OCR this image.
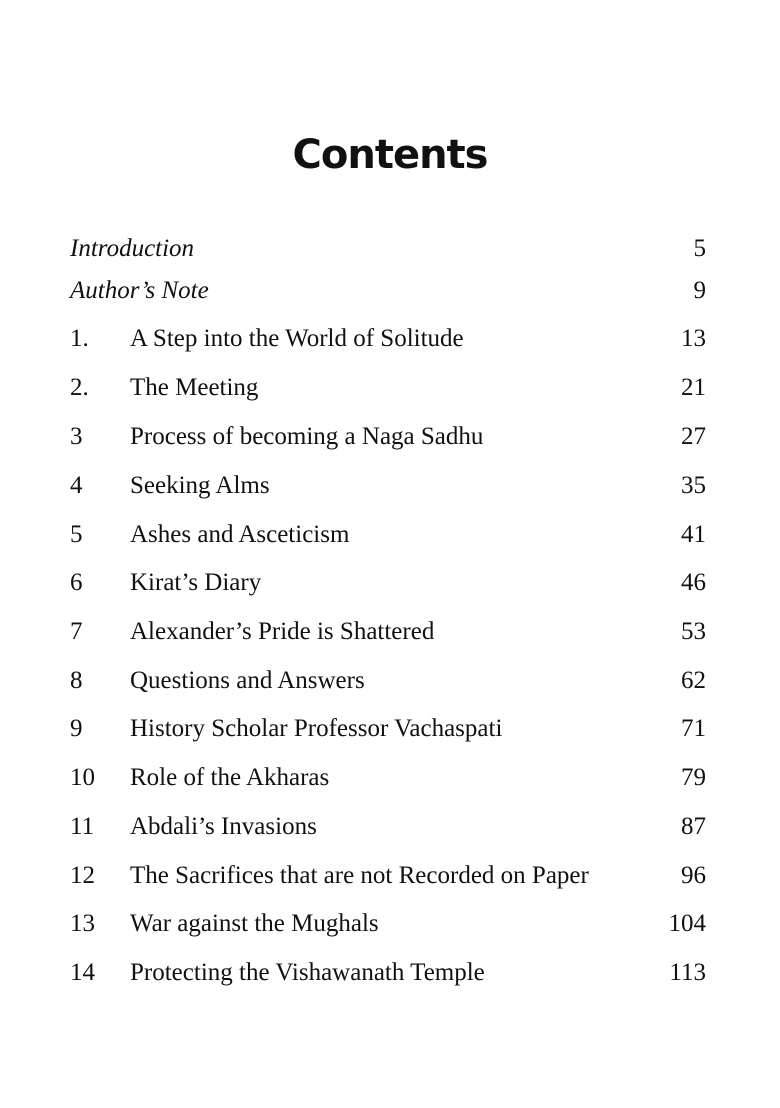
Contents
Introduction	5
Author’s Note	9
1. A Step into the World of Solitude	13
2. The Meeting	21
3 Process of becoming a Naga Sadhu	27
4 Seeking Alms	35
5 Ashes and Asceticism	41
6 Kirat’s Diary	46
7 Alexander’s Pride is Shattered	53
8 Questions and Answers	62
9 History Scholar Professor Vachaspati	71
10 Role of the Akharas	79
11 Abdali’s Invasions	87
12 The Sacrifices that are not Recorded on Paper	96
13 War against the Mughals	104
14 Protecting the Vishawanath Temple	113
